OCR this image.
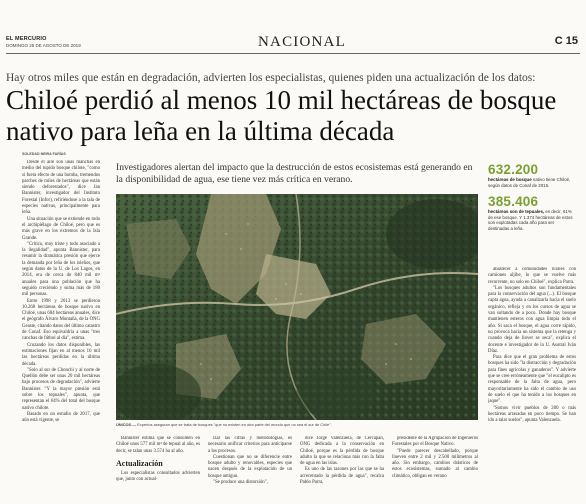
EL MERCURIO
DOMINGO 25 DE AGOSTO DE 2019	NACIONAL	C 15
Hay otros miles que están en degradación, advierten los especialistas, quienes piden una actualización de los datos:
Chiloé perdió al menos 10 mil hectáreas de bosque nativo para leña en la última década
SOLEDAD NEIRA FARÍAS

Desde el aire son unas manchas en medio del tupido bosque chilote, "como si fuera efecto de una bomba, tremendos parches de miles de hectáreas que están siendo deforestados", dice Jan Bannister, investigador del Instituto Forestal (Infor), refiriéndose a la tala de especies nativas, principalmente para leña.

Una situación que se extiende en todo el archipiélago de Chiloé, pero que es más grave en los extremos de la Isla Grande.

"Crítico, muy triste y todo asociado a la ilegalidad", apunta Bannister, para resumir la dramática presión que ejerce la demanda por leña de los isleños, que según datos de la U. de Los Lagos, en 2014, era de cerca de 840 mil m³ anuales para una población que ha seguido creciendo y suma más de 180 mil personas.

Entre 1998 y 2013 se perdieron 10.268 hectáreas de bosque nativo en Chiloé, unas 684 hectáreas anuales, dice el geógrafo Álvaro Montaña, de la ONG Geaste, citando datos del último catastro de Conaf. Eso equivaldría a unas "tres canchas de fútbol al día", estima.

Cruzando los datos disponibles, las estimaciones fijan en al menos 10 mil las hectáreas perdidas en la última década.

"Solo al sur de Chonchi y al norte de Quellón debe ser unas 20 mil hectáreas bajo procesos de degradación", advierte Bannister. "Y la mayor presión está sobre los tepuales", apunta, que representan el 64% del total del bosque nativo chilote.

Basado en un estudio de 2017, que aún está vigente, se

Investigadores alertan del impacto que la destrucción de estos ecosistemas está generando en la disponibilidad de agua, ese tiene vez más crítica en verano.
ÚNICOS.— Expertos aseguran que se trata de bosques "que no existen en otra parte del mundo que no sea el sur de Chile".

Bannister estima que se consumen en Chiloé unos 577 mil m³ de tepual al año, es decir, se talan unas 3.574 ha al año.

Actualización

Los especialistas consultados advierten que, junto con actual-

izar las cifras y metodologías, es necesario unificar criterios para anticiparse a los procesos.

Cuestionan que no se diferencie entre bosque adulto y renovables, especies que nacen después de la explotación de un bosque antiguo.

"Se produce una distorsión",

dice Jorge Valenzuela, de Cercapan, ONG dedicada a la conservación en Chiloé, porque es la pérdida de bosque adulto la que se relaciona más con la falta de agua en las islas.

Es uno de las razones por las que se ha acrecentado la pérdida de agua", recalca Pablo Parra,

presidente de la Agrupación de Ingenieros Forestales por el Bosque Nativo.

"Puede parecer descabellado, porque llueven entre 2 mil y 2.500 milímetros al año. Sin embargo, cambios drásticos de estos ecosistemas, sumado al cambio climático, obligan en verano

632.200
hectáreas de bosque nativo tiene Chiloé, según datos de Conaf de 2016.
385.406
hectáreas son de tepuales, es decir, 61% de ese bosque. Y 1.374 hectáreas de estos son explotadas cada año para ser destinadas a leña.

abastecer a comunidades rurales con camiones aljibe, lo que se vuelve más recurrente, no solo en Chiloé", explica Parra.

"Los bosques adultos son fundamentales para la conservación del agua (...). El bosque capta agua, ayuda a canalizarla hacia el suelo orgánico, refleja y en los cursos de agua se van soltando de a poco. Donde hay bosque mantienen esteros con agua limpia todo el año. Si saca el bosque, el agua corre rápido, no provoca hacia un sistema que la retenga y cuando deja de llover se seca", explica el docente e investigador de la U. Austral Iván Díaz.

Para dice que el gran problema de estos bosques ha sido "la distracción y degradación para fines agrícolas y ganaderos". Y advierte que se cree erróneamente que "el eucalipto es responsable de la falta de agua, pero mayoritariamente ha sido el cambio de uso de suelo el que ha tenido a los bosques en jaque".

"Somos vivir pueblos de 200 o más hectáreas arrasadas en poco tiempo. Se han ido a talar suelos", apunta Valenzuela.
